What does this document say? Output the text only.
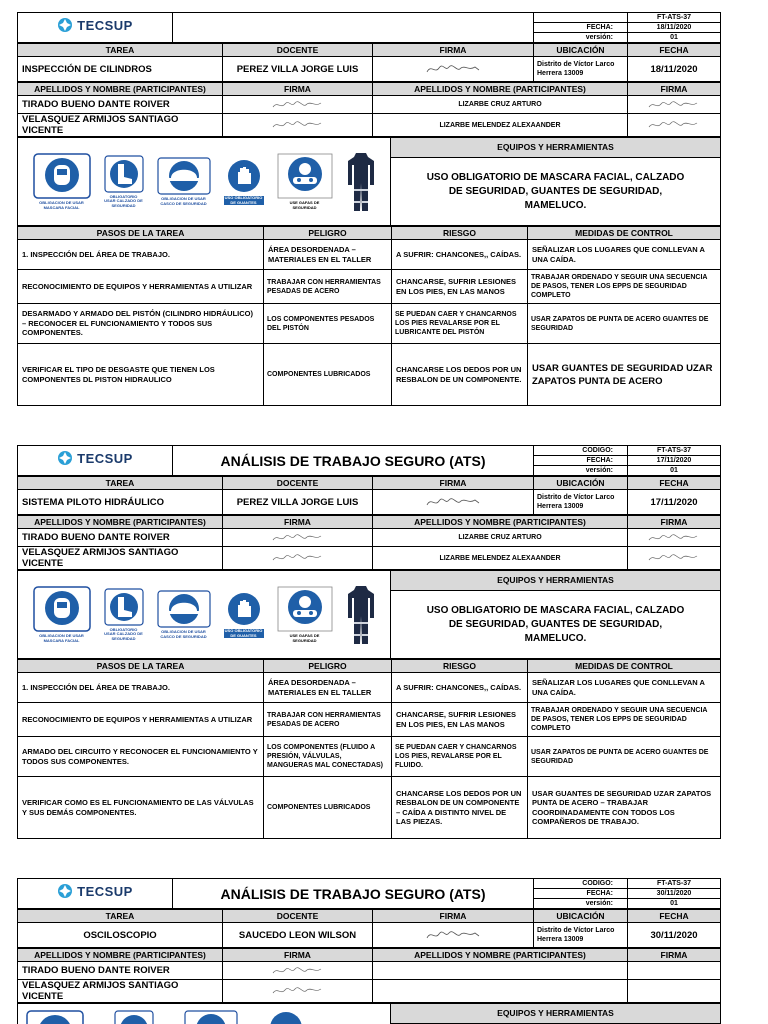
TECSUP			FT-ATS-37
		FECHA:	18/11/2020
		versión:	01
TAREA	DOCENTE	FIRMA	UBICACIÓN	FECHA
INSPECCIÓN DE CILINDROS	PEREZ VILLA JORGE LUIS		Distrito de Víctor Larco Herrera 13009	18/11/2020
APELLIDOS Y NOMBRE (PARTICIPANTES)	FIRMA	APELLIDOS Y NOMBRE (PARTICIPANTES)	FIRMA
TIRADO BUENO DANTE ROIVER		LIZARBE CRUZ ARTURO	

VELASQUEZ ARMIJOS SANTIAGO VICENTE		LIZARBE MELENDEZ ALEXAANDER	
OBLIGACION DE USAR MASCARA FACIAL
OBLIGATORIO USAR CALZADO DE SEGURIDAD
OBLIGACION DE USAR CASCO DE SEGURIDAD
USO OBLIGATORIO DE GUANTES	USE GAFAS DE SEGURIDAD
	EQUIPOS Y HERRAMIENTAS
USO OBLIGATORIO DE MASCARA FACIAL, CALZADO DE SEGURIDAD, GUANTES DE SEGURIDAD, MAMELUCO.
PASOS DE LA TAREA	PELIGRO	RIESGO	MEDIDAS DE CONTROL
1. INSPECCIÓN DEL ÁREA DE TRABAJO.	ÁREA DESORDENADA – MATERIALES EN EL TALLER	A SUFRIR: CHANCONES,, CAÍDAS.	SEÑALIZAR LOS LUGARES QUE CONLLEVAN A UNA CAÍDA.
RECONOCIMIENTO DE EQUIPOS Y HERRAMIENTAS A UTILIZAR	TRABAJAR CON HERRAMIENTAS PESADAS DE ACERO	CHANCARSE, SUFRIR LESIONES EN LOS PIES, EN LAS MANOS	TRABAJAR ORDENADO Y SEGUIR UNA SECUENCIA DE PASOS, TENER LOS EPPS DE SEGURIDAD COMPLETO
DESARMADO Y ARMADO DEL PISTÓN (CILINDRO HIDRÁULICO) – RECONOCER EL FUNCIONAMIENTO Y TODOS SUS COMPONENTES.	LOS COMPONENTES PESADOS DEL PISTÓN	SE PUEDAN CAER Y CHANCARNOS LOS PIES REVALARSE POR EL LUBRICANTE DEL PISTÓN	USAR ZAPATOS DE PUNTA DE ACERO GUANTES DE SEGURIDAD
VERIFICAR EL TIPO DE DESGASTE QUE TIENEN LOS COMPONENTES DL PISTON HIDRAULICO	COMPONENTES LUBRICADOS	CHANCARSE LOS DEDOS POR UN RESBALON DE UN COMPONENTE.	USAR GUANTES DE SEGURIDAD UZAR ZAPATOS PUNTA DE ACERO
TECSUP	ANÁLISIS DE TRABAJO SEGURO (ATS)	CODIGO:	FT-ATS-37
		FECHA:	17/11/2020
		versión:	01
TAREA	DOCENTE	FIRMA	UBICACIÓN	FECHA
SISTEMA PILOTO HIDRÁULICO	PEREZ VILLA JORGE LUIS		Distrito de Víctor Larco Herrera 13009	17/11/2020
APELLIDOS Y NOMBRE (PARTICIPANTES)	FIRMA	APELLIDOS Y NOMBRE (PARTICIPANTES)	FIRMA
TIRADO BUENO DANTE ROIVER		LIZARBE CRUZ ARTURO	

VELASQUEZ ARMIJOS SANTIAGO VICENTE		LIZARBE MELENDEZ ALEXAANDER	
OBLIGACION DE USAR MASCARA FACIAL
OBLIGATORIO USAR CALZADO DE SEGURIDAD
OBLIGACION DE USAR CASCO DE SEGURIDAD
USO OBLIGATORIO DE GUANTES	USE GAFAS DE SEGURIDAD
	EQUIPOS Y HERRAMIENTAS
USO OBLIGATORIO DE MASCARA FACIAL, CALZADO DE SEGURIDAD, GUANTES DE SEGURIDAD, MAMELUCO.
PASOS DE LA TAREA	PELIGRO	RIESGO	MEDIDAS DE CONTROL
1. INSPECCIÓN DEL ÁREA DE TRABAJO.	ÁREA DESORDENADA – MATERIALES EN EL TALLER	A SUFRIR: CHANCONES,, CAÍDAS.	SEÑALIZAR LOS LUGARES QUE CONLLEVAN A UNA CAÍDA.
RECONOCIMIENTO DE EQUIPOS Y HERRAMIENTAS A UTILIZAR	TRABAJAR CON HERRAMIENTAS PESADAS DE ACERO	CHANCARSE, SUFRIR LESIONES EN LOS PIES, EN LAS MANOS	TRABAJAR ORDENADO Y SEGUIR UNA SECUENCIA DE PASOS, TENER LOS EPPS DE SEGURIDAD COMPLETO
ARMADO DEL CIRCUITO Y RECONOCER EL FUNCIONAMIENTO Y TODOS SUS COMPONENTES.	LOS COMPONENTES (FLUIDO A PRESIÓN, VÁLVULAS, MANGUERAS MAL CONECTADAS)	SE PUEDAN CAER Y CHANCARNOS LOS PIES, REVALARSE POR EL FLUIDO.	USAR ZAPATOS DE PUNTA DE ACERO GUANTES DE SEGURIDAD
VERIFICAR COMO ES EL FUNCIONAMIENTO DE LAS VÁLVULAS Y SUS DEMÁS COMPONENTES.	COMPONENTES LUBRICADOS	CHANCARSE LOS DEDOS POR UN RESBALON DE UN COMPONENTE – CAÍDA A DISTINTO NIVEL DE LAS PIEZAS.	USAR GUANTES DE SEGURIDAD UZAR ZAPATOS PUNTA DE ACERO – TRABAJAR COORDINADAMENTE CON TODOS LOS COMPAÑEROS DE TRABAJO.
TECSUP	ANÁLISIS DE TRABAJO SEGURO (ATS)	CODIGO:	FT-ATS-37
		FECHA:	30/11/2020
		versión:	01
TAREA	DOCENTE	FIRMA	UBICACIÓN	FECHA
OSCILOSCOPIO	SAUCEDO LEON WILSON		Distrito de Víctor Larco Herrera 13009	30/11/2020
APELLIDOS Y NOMBRE (PARTICIPANTES)	FIRMA	APELLIDOS Y NOMBRE (PARTICIPANTES)	FIRMA
TIRADO BUENO DANTE ROIVER	

VELASQUEZ ARMIJOS SANTIAGO VICENTE	

	EQUIPOS Y HERRAMIENTAS
